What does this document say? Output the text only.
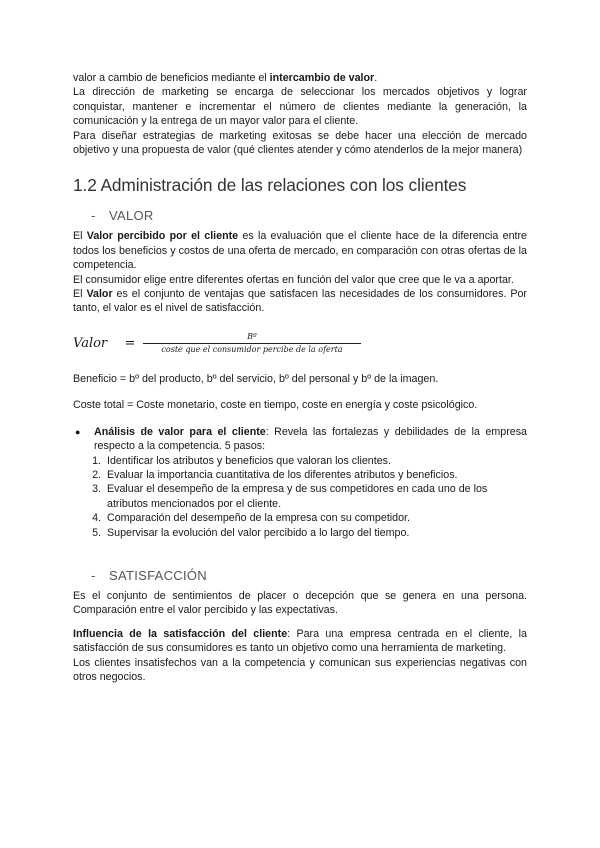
valor a cambio de beneficios mediante el intercambio de valor.

La dirección de marketing se encarga de seleccionar los mercados objetivos y lograr conquistar, mantener e incrementar el número de clientes mediante la generación, la comunicación y la entrega de un mayor valor para el cliente.

Para diseñar estrategias de marketing exitosas se debe hacer una elección de mercado objetivo y una propuesta de valor (qué clientes atender y cómo atenderlos de la mejor manera)

1.2 Administración de las relaciones con los clientes
- VALOR

El Valor percibido por el cliente es la evaluación que el cliente hace de la diferencia entre todos los beneficios y costos de una oferta de mercado, en comparación con otras ofertas de la competencia.

El consumidor elige entre diferentes ofertas en función del valor que cree que le va a aportar.

El Valor es el conjunto de ventajas que satisfacen las necesidades de los consumidores. Por tanto, el valor es el nivel de satisfacción.

Valor	= $\frac{\text{Bº}}{\text{coste que el consumidor percibe de la oferta}}$

Beneficio = bº del producto, bº del servicio, bº del personal y bº de la imagen.

Coste total = Coste monetario, coste en tiempo, coste en energía y coste psicológico.

●	Análisis de valor para el cliente: Revela las fortalezas y debilidades de la empresa respecto a la competencia. 5 pasos:

1. Identificar los atributos y beneficios que valoran los clientes.
2. Evaluar la importancia cuantitativa de los diferentes atributos y beneficios.
3. Evaluar el desempeño de la empresa y de sus competidores en cada uno de los atributos mencionados por el cliente.
4. Comparación del desempeño de la empresa con su competidor.
5. Supervisar la evolución del valor percibido a lo largo del tiempo.
- SATISFACCIÓN

Es el conjunto de sentimientos de placer o decepción que se genera en una persona. Comparación entre el valor percibido y las expectativas.

Influencia de la satisfacción del cliente: Para una empresa centrada en el cliente, la satisfacción de sus consumidores es tanto un objetivo como una herramienta de marketing.

Los clientes insatisfechos van a la competencia y comunican sus experiencias negativas con otros negocios.
